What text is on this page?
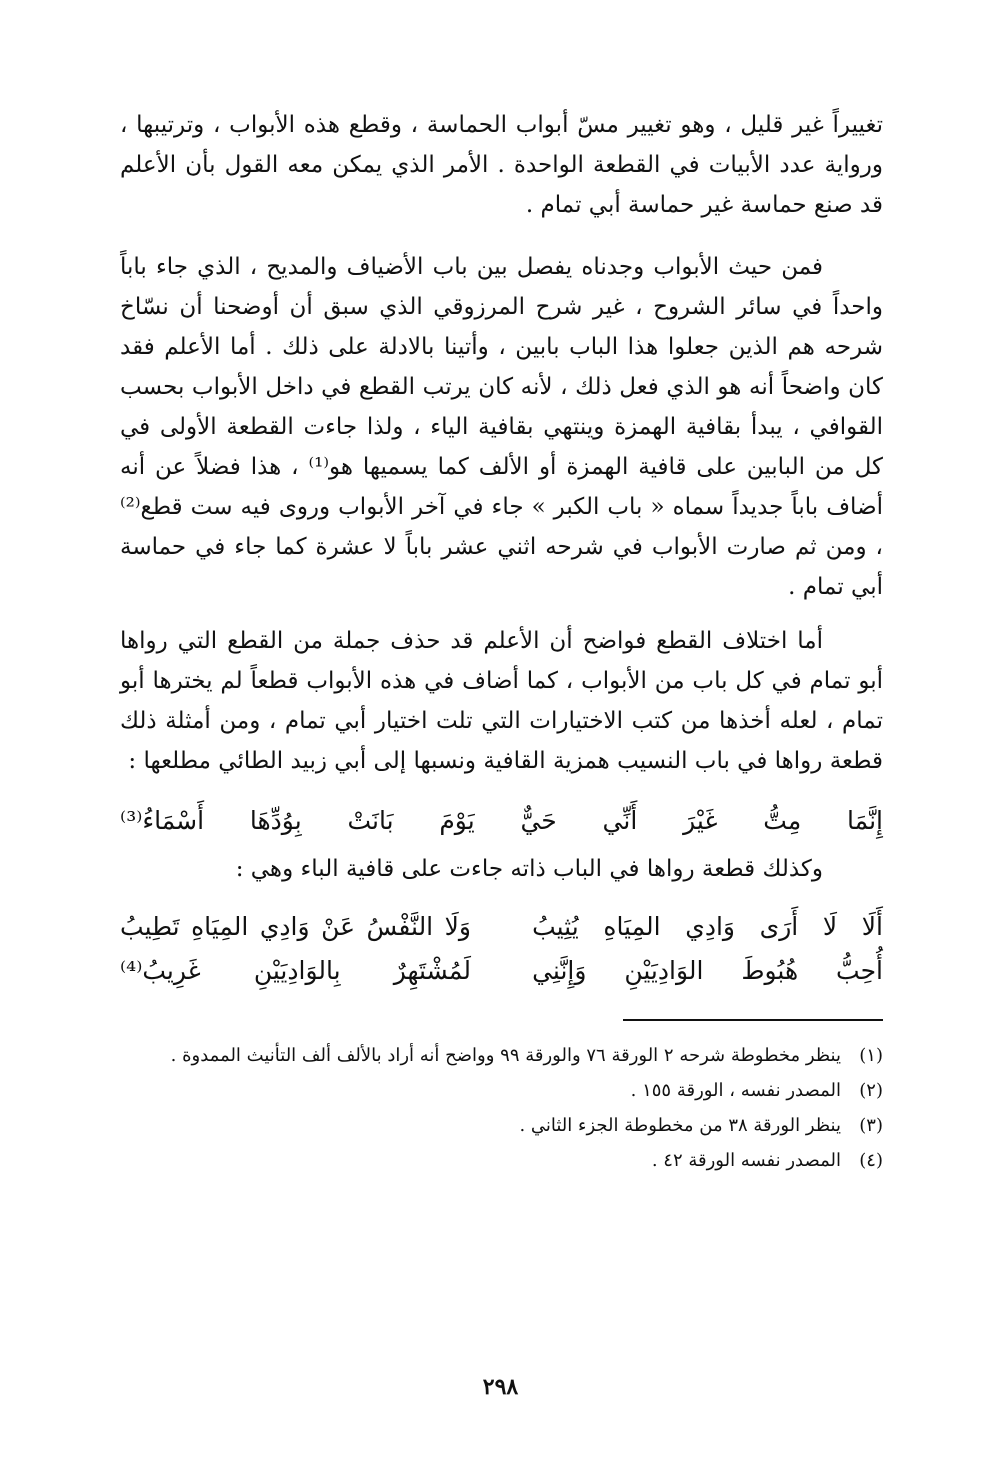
تغييراً غير قليل ، وهو تغيير مسّ أبواب الحماسة ، وقطع هذه الأبواب ، وترتيبها ، ورواية عدد الأبيات في القطعة الواحدة . الأمر الذي يمكن معه القول بأن الأعلم قد صنع حماسة غير حماسة أبي تمام .

فمن حيث الأبواب وجدناه يفصل بين باب الأضياف والمديح ، الذي جاء باباً واحداً في سائر الشروح ، غير شرح المرزوقي الذي سبق أن أوضحنا أن نسّاخ شرحه هم الذين جعلوا هذا الباب بابين ، وأتينا بالادلة على ذلك . أما الأعلم فقد كان واضحاً أنه هو الذي فعل ذلك ، لأنه كان يرتب القطع في داخل الأبواب بحسب القوافي ، يبدأ بقافية الهمزة وينتهي بقافية الياء ، ولذا جاءت القطعة الأولى في كل من البابين على قافية الهمزة أو الألف كما يسميها هو⁽¹⁾ ، هذا فضلاً عن أنه أضاف باباً جديداً سماه « باب الكبر » جاء في آخر الأبواب وروى فيه ست قطع⁽²⁾ ، ومن ثم صارت الأبواب في شرحه اثني عشر باباً لا عشرة كما جاء في حماسة أبي تمام .

أما اختلاف القطع فواضح أن الأعلم قد حذف جملة من القطع التي رواها أبو تمام في كل باب من الأبواب ، كما أضاف في هذه الأبواب قطعاً لم يخترها أبو تمام ، لعله أخذها من كتب الاختيارات التي تلت اختيار أبي تمام ، ومن أمثلة ذلك قطعة رواها في باب النسيب همزية القافية ونسبها إلى أبي زبيد الطائي مطلعها :

إِنَّمَا
مِتُّ
غَيْرَ
أَنِّي
حَيٌّ
يَوْمَ
بَانَتْ
بِوُدِّهَا
أَسْمَاءُ⁽³⁾
وكذلك قطعة رواها في الباب ذاته جاءت على قافية الباء وهي :
أَلَا
لَا
أَرَى
وَادِي
المِيَاهِ
يُثِيبُ
وَلَا
النَّفْسُ
عَنْ
وَادِي
المِيَاهِ
تَطِيبُ
أُحِبُّ
هُبُوطَ
الوَادِيَيْنِ
وَإِنَّنِي
لَمُشْتَهِرٌ
بِالوَادِيَيْنِ
غَرِيبُ⁽⁴⁾
(١)
ينظر مخطوطة شرحه ٢ الورقة ٧٦ والورقة ٩٩ وواضح أنه أراد بالألف ألف التأنيث الممدوة .
(٢)
المصدر نفسه ، الورقة ١٥٥ .
(٣)
ينظر الورقة ٣٨ من مخطوطة الجزء الثاني .
(٤)
المصدر نفسه الورقة ٤٢ .
٢٩٨
